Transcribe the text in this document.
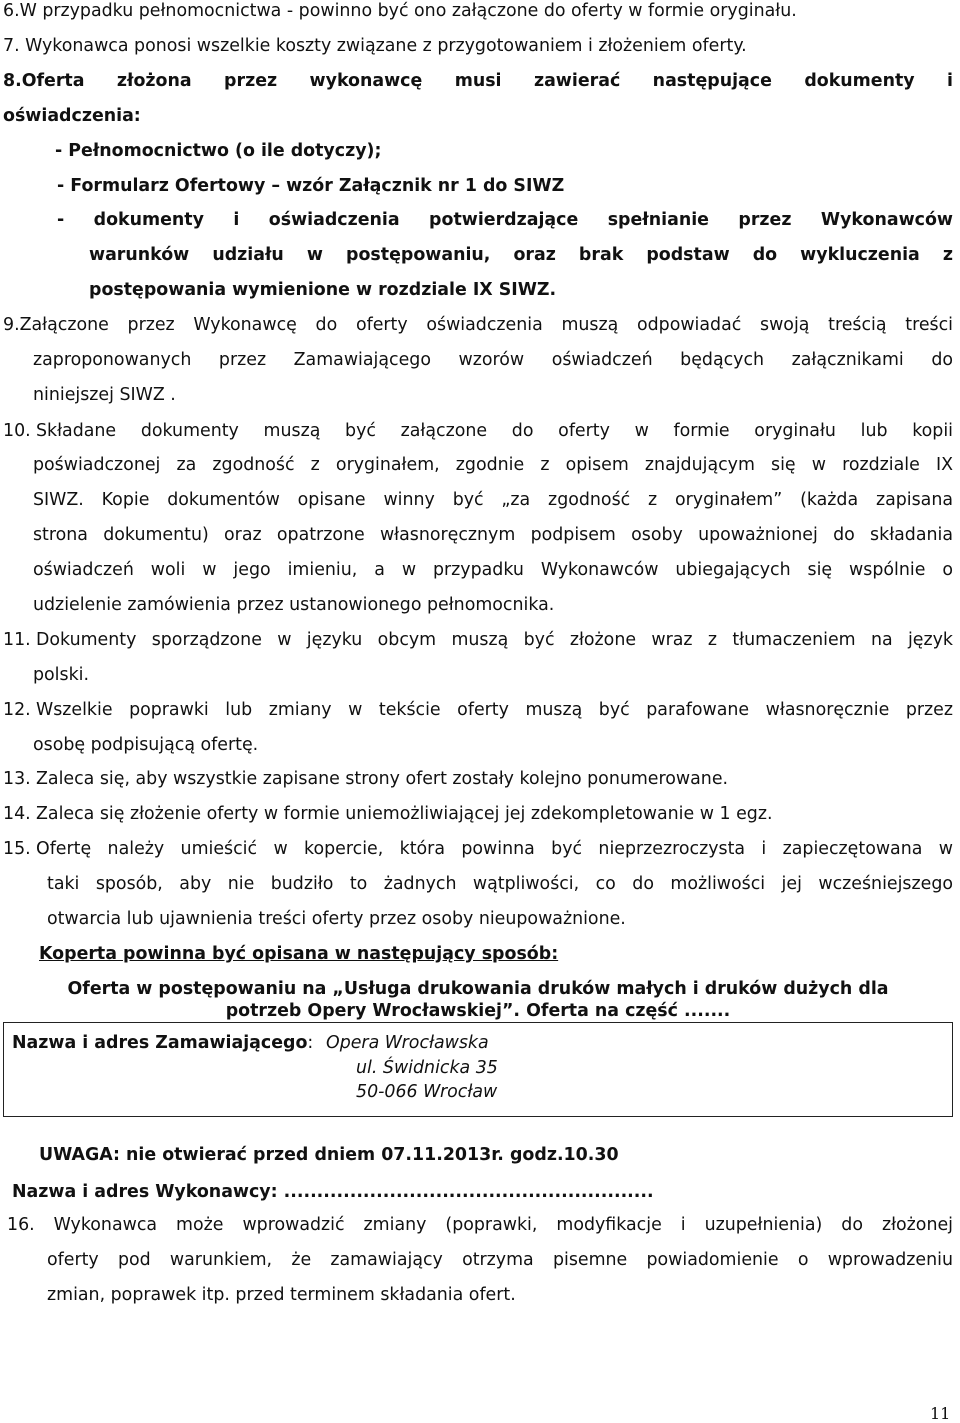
6.W przypadku pełnomocnictwa - powinno być ono załączone do oferty w formie oryginału.
7. Wykonawca ponosi wszelkie koszty związane z przygotowaniem i złożeniem oferty.
8.Oferta złożona przez wykonawcę musi zawierać następujące dokumenty i
oświadczenia:
- Pełnomocnictwo (o ile dotyczy);
- Formularz Ofertowy – wzór Załącznik nr 1 do SIWZ
- dokumenty i oświadczenia potwierdzające spełnianie przez Wykonawców
warunków udziału w postępowaniu, oraz brak podstaw do wykluczenia z
postępowania wymienione w rozdziale IX SIWZ.
9.Załączone przez Wykonawcę do oferty oświadczenia muszą odpowiadać swoją treścią treści
zaproponowanych przez Zamawiającego wzorów oświadczeń będących załącznikami do
niniejszej SIWZ .
10. Składane dokumenty muszą być załączone do oferty w formie oryginału lub kopii
poświadczonej za zgodność z oryginałem, zgodnie z opisem znajdującym się w rozdziale IX
SIWZ. Kopie dokumentów opisane winny być „za zgodność z oryginałem” (każda zapisana
strona dokumentu) oraz opatrzone własnoręcznym podpisem osoby upoważnionej do składania
oświadczeń woli w jego imieniu, a w przypadku Wykonawców ubiegających się wspólnie o
udzielenie zamówienia przez ustanowionego pełnomocnika.
11. Dokumenty sporządzone w języku obcym muszą być złożone wraz z tłumaczeniem na język
polski.
12. Wszelkie poprawki lub zmiany w tekście oferty muszą być parafowane własnoręcznie przez
osobę podpisującą ofertę.
13. Zaleca się, aby wszystkie zapisane strony ofert zostały kolejno ponumerowane.
14. Zaleca się złożenie oferty w formie uniemożliwiającej jej zdekompletowanie w 1 egz.
15. Ofertę należy umieścić w kopercie, która powinna być nieprzezroczysta i zapieczętowana w
taki sposób, aby nie budziło to żadnych wątpliwości, co do możliwości jej wcześniejszego
otwarcia lub ujawnienia treści oferty przez osoby nieupoważnione.
Koperta powinna być opisana w następujący sposób:
Oferta w postępowaniu na „Usługa drukowania druków małych i druków dużych dla
potrzeb Opery Wrocławskiej”. Oferta na część .......
Nazwa i adres Zamawiającego: Opera Wrocławska
ul. Świdnicka 35
50-066 Wrocław
UWAGA: nie otwierać przed dniem 07.11.2013r. godz.10.30
Nazwa i adres Wykonawcy: ........................................................
16. Wykonawca może wprowadzić zmiany (poprawki, modyfikacje i uzupełnienia) do złożonej
oferty pod warunkiem, że zamawiający otrzyma pisemne powiadomienie o wprowadzeniu
zmian, poprawek itp. przed terminem składania ofert.
11
